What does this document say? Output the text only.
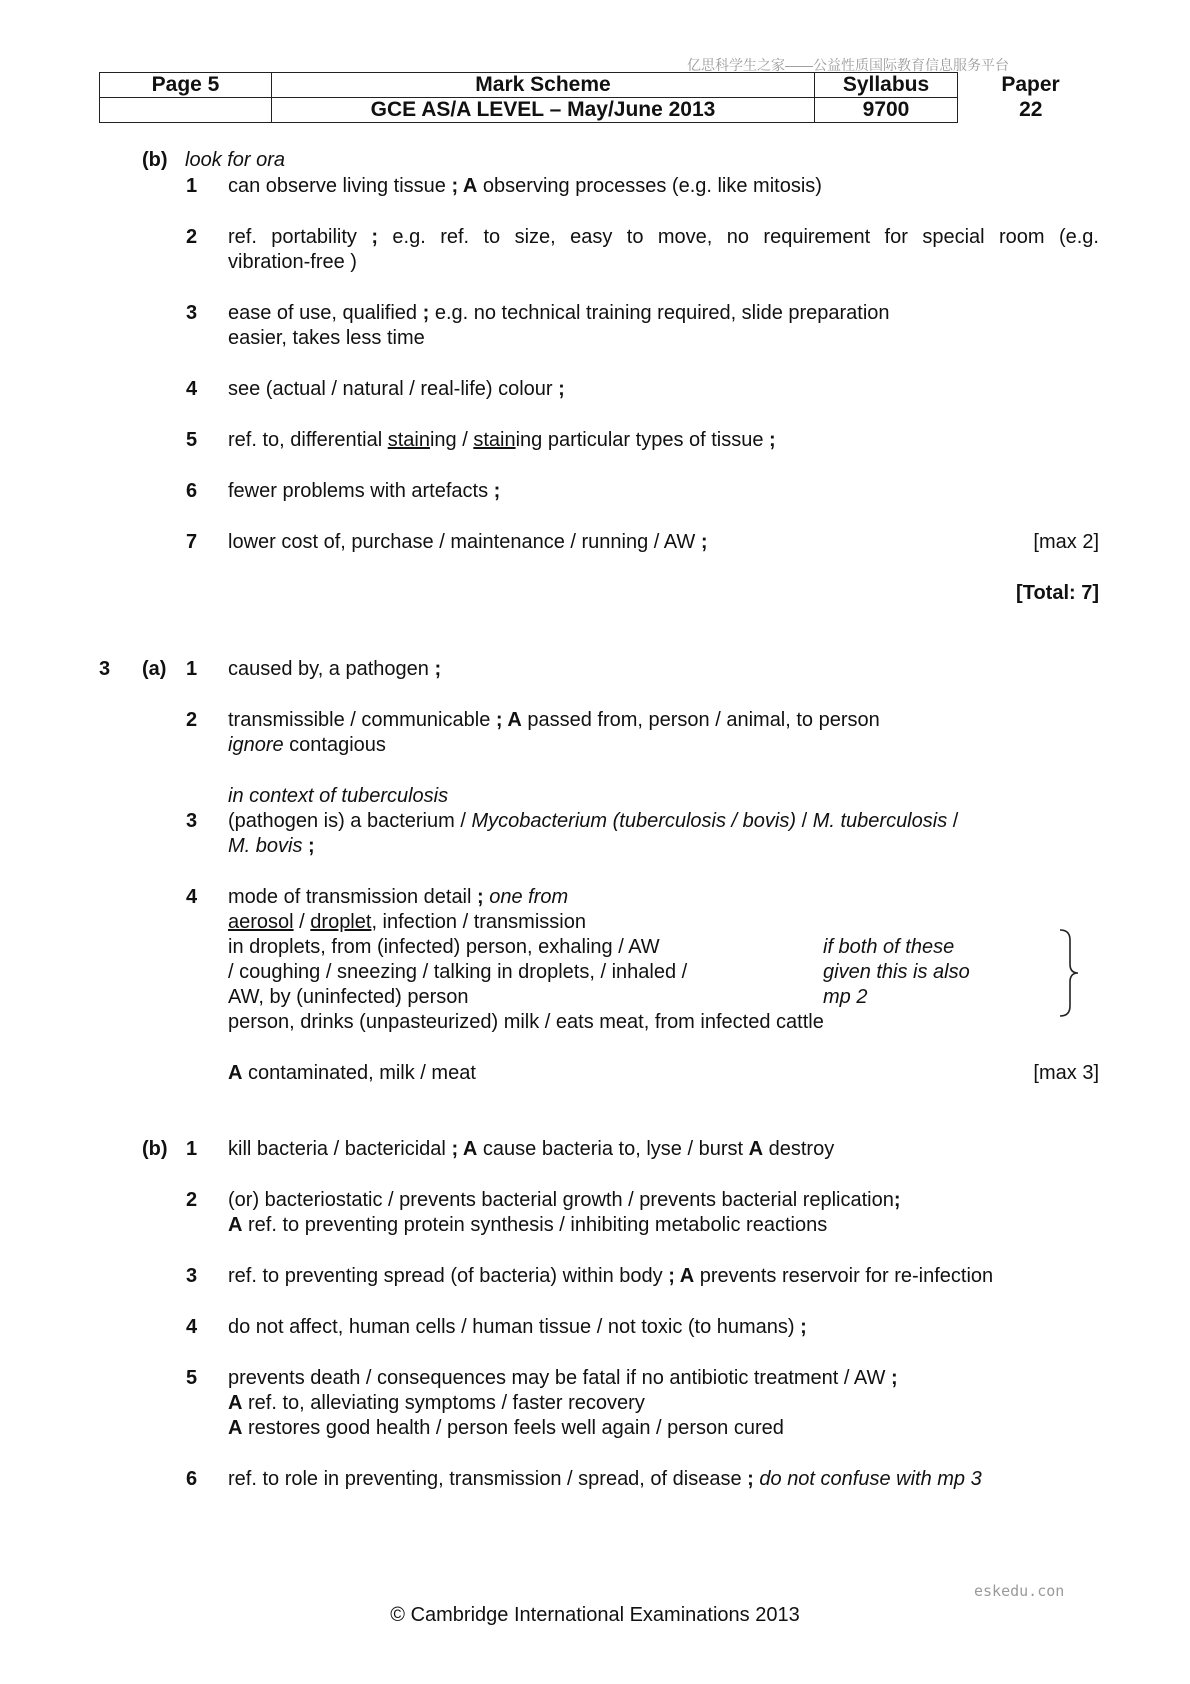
亿思科学生之家——公益性质国际教育信息服务平台
Page 5	Mark Scheme	Syllabus	Paper
	GCE AS/A LEVEL – May/June 2013	9700	22
(b) look for ora
1 can observe living tissue ; A observing processes (e.g. like mitosis)
2 ref. portability ; e.g. ref. to size, easy to move, no requirement for special room (e.g.
vibration-free )
3 ease of use, qualified ; e.g. no technical training required, slide preparation
easier, takes less time
4 see (actual / natural / real-life) colour ;
5 ref. to, differential staining / staining particular types of tissue ;
6 fewer problems with artefacts ;
7 lower cost of, purchase / maintenance / running / AW ;	[max 2]
[Total: 7]
3 (a) 1 caused by, a pathogen ;
2 transmissible / communicable ; A passed from, person / animal, to person
ignore contagious
in context of tuberculosis
3 (pathogen is) a bacterium / Mycobacterium (tuberculosis / bovis) / M. tuberculosis /
M. bovis ;
4 mode of transmission detail ; one from
aerosol / droplet, infection / transmission
in droplets, from (infected) person, exhaling / AW	if both of these
/ coughing / sneezing / talking in droplets, / inhaled /	given this is also
AW, by (uninfected) person	mp 2
person, drinks (unpasteurized) milk / eats meat, from infected cattle
A contaminated, milk / meat	[max 3]
(b) 1 kill bacteria / bactericidal ; A cause bacteria to, lyse / burst A destroy
2 (or) bacteriostatic / prevents bacterial growth / prevents bacterial replication;
A ref. to preventing protein synthesis / inhibiting metabolic reactions
3 ref. to preventing spread (of bacteria) within body ; A prevents reservoir for re-infection
4 do not affect, human cells / human tissue / not toxic (to humans) ;
5 prevents death / consequences may be fatal if no antibiotic treatment / AW ;
A ref. to, alleviating symptoms / faster recovery
A restores good health / person feels well again / person cured
6 ref. to role in preventing, transmission / spread, of disease ; do not confuse with mp 3
eskedu.con
© Cambridge International Examinations 2013
